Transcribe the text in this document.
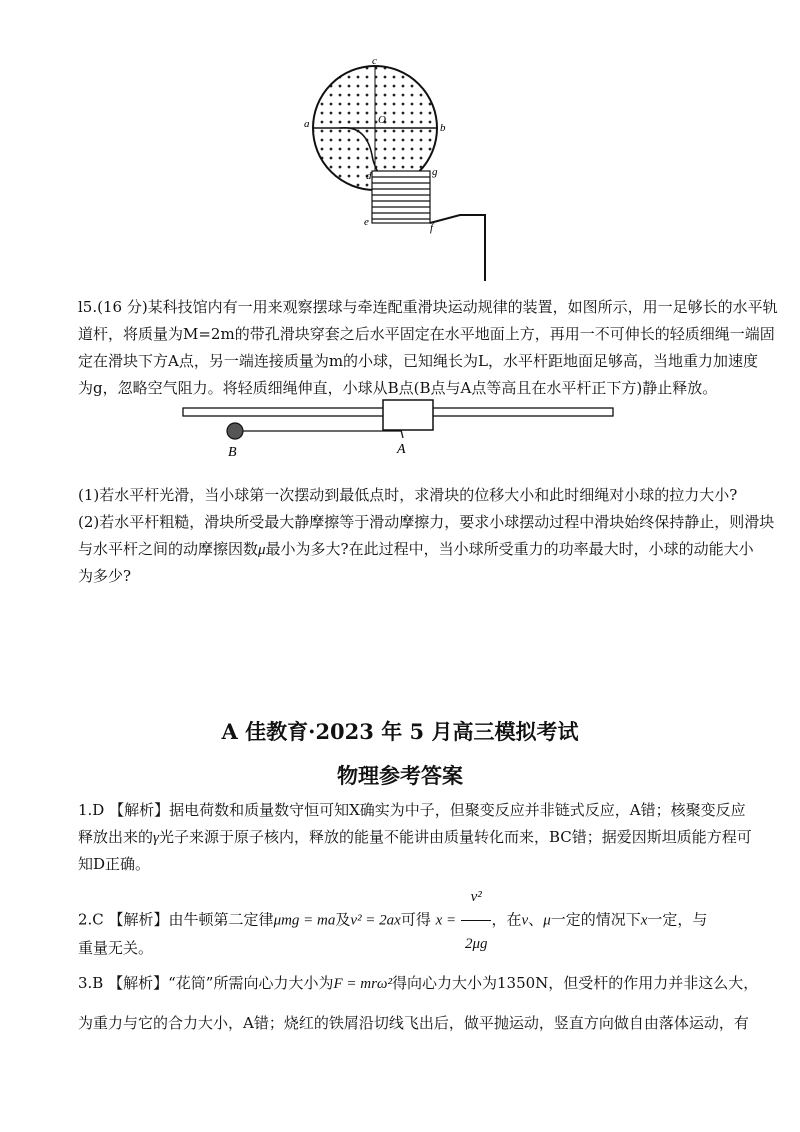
c
a	O
b
d	g
e	f
l5.(16 分)某科技馆内有一用来观察摆球与牵连配重滑块运动规律的装置，如图所示，用一足够长的水平轨
道杆，将质量为M=2m的带孔滑块穿套之后水平固定在水平地面上方，再用一不可伸长的轻质细绳一端固
定在滑块下方A点，另一端连接质量为m的小球，已知绳长为L，水平杆距地面足够高，当地重力加速度
为g，忽略空气阻力。将轻质细绳伸直，小球从B点(B点与A点等高且在水平杆正下方)静止释放。
B	A
(1)若水平杆光滑，当小球第一次摆动到最低点时，求滑块的位移大小和此时细绳对小球的拉力大小?
(2)若水平杆粗糙，滑块所受最大静摩擦等于滑动摩擦力，要求小球摆动过程中滑块始终保持静止，则滑块
与水平杆之间的动摩擦因数μ最小为多大?在此过程中，当小球所受重力的功率最大时，小球的动能大小
为多少?
A 佳教育·2023 年 5 月高三模拟考试
物理参考答案
1.D 【解析】据电荷数和质量数守恒可知X确实为中子，但聚变反应并非链式反应，A错；核聚变反应
释放出来的γ光子来源于原子核内，释放的能量不能讲由质量转化而来，BC错；据爱因斯坦质能方程可
知D正确。
2.C 【解析】由牛顿第二定律μmg = ma及v² = 2ax可得 $x = \frac{\text{v²}}{2\mu g}$ ，在v、μ一定的情况下x一定，与
重量无关。
3.B 【解析】“花筒”所需向心力大小为F = mrω²得向心力大小为1350N，但受杆的作用力并非这么大，
为重力与它的合力大小，A错；烧红的铁屑沿切线飞出后，做平抛运动，竖直方向做自由落体运动，有
